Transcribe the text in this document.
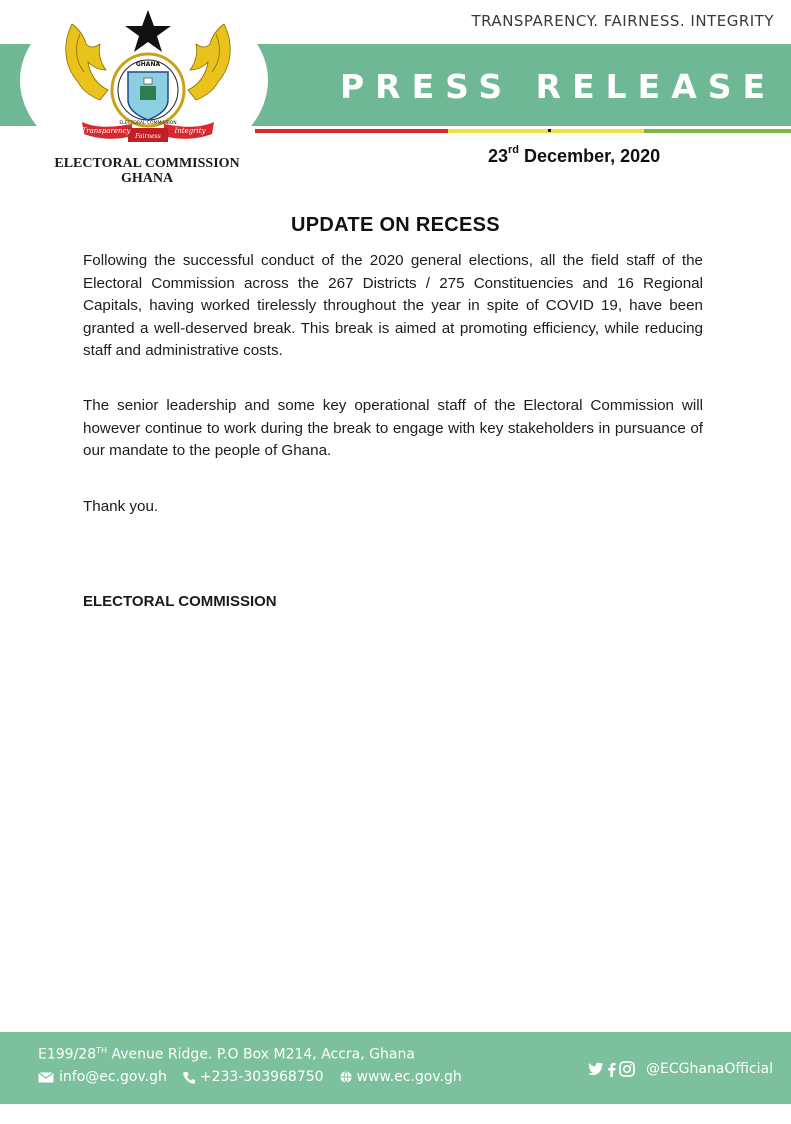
TRANSPARENCY. FAIRNESS. INTEGRITY
PRESS RELEASE
GHANA
ELECTORAL COMMISSION
Transparency	Integrity
Fairness
ELECTORAL COMMISSION
GHANA
23rd December, 2020
UPDATE ON RECESS

Following the successful conduct of the 2020 general elections, all the field staff of the Electoral Commission across the 267 Districts / 275 Constituencies and 16 Regional Capitals, having worked tirelessly throughout the year in spite of COVID 19, have been granted a well-deserved break. This break is aimed at promoting efficiency, while reducing staff and administrative costs.

The senior leadership and some key operational staff of the Electoral Commission will however continue to work during the break to engage with key stakeholders in pursuance of our mandate to the people of Ghana.

Thank you.
ELECTORAL COMMISSION
E199/28TH Avenue Ridge. P.O Box M214, Accra, Ghana
info@ec.gov.gh +233-303968750 www.ec.gov.gh	@ECGhanaOfficial
